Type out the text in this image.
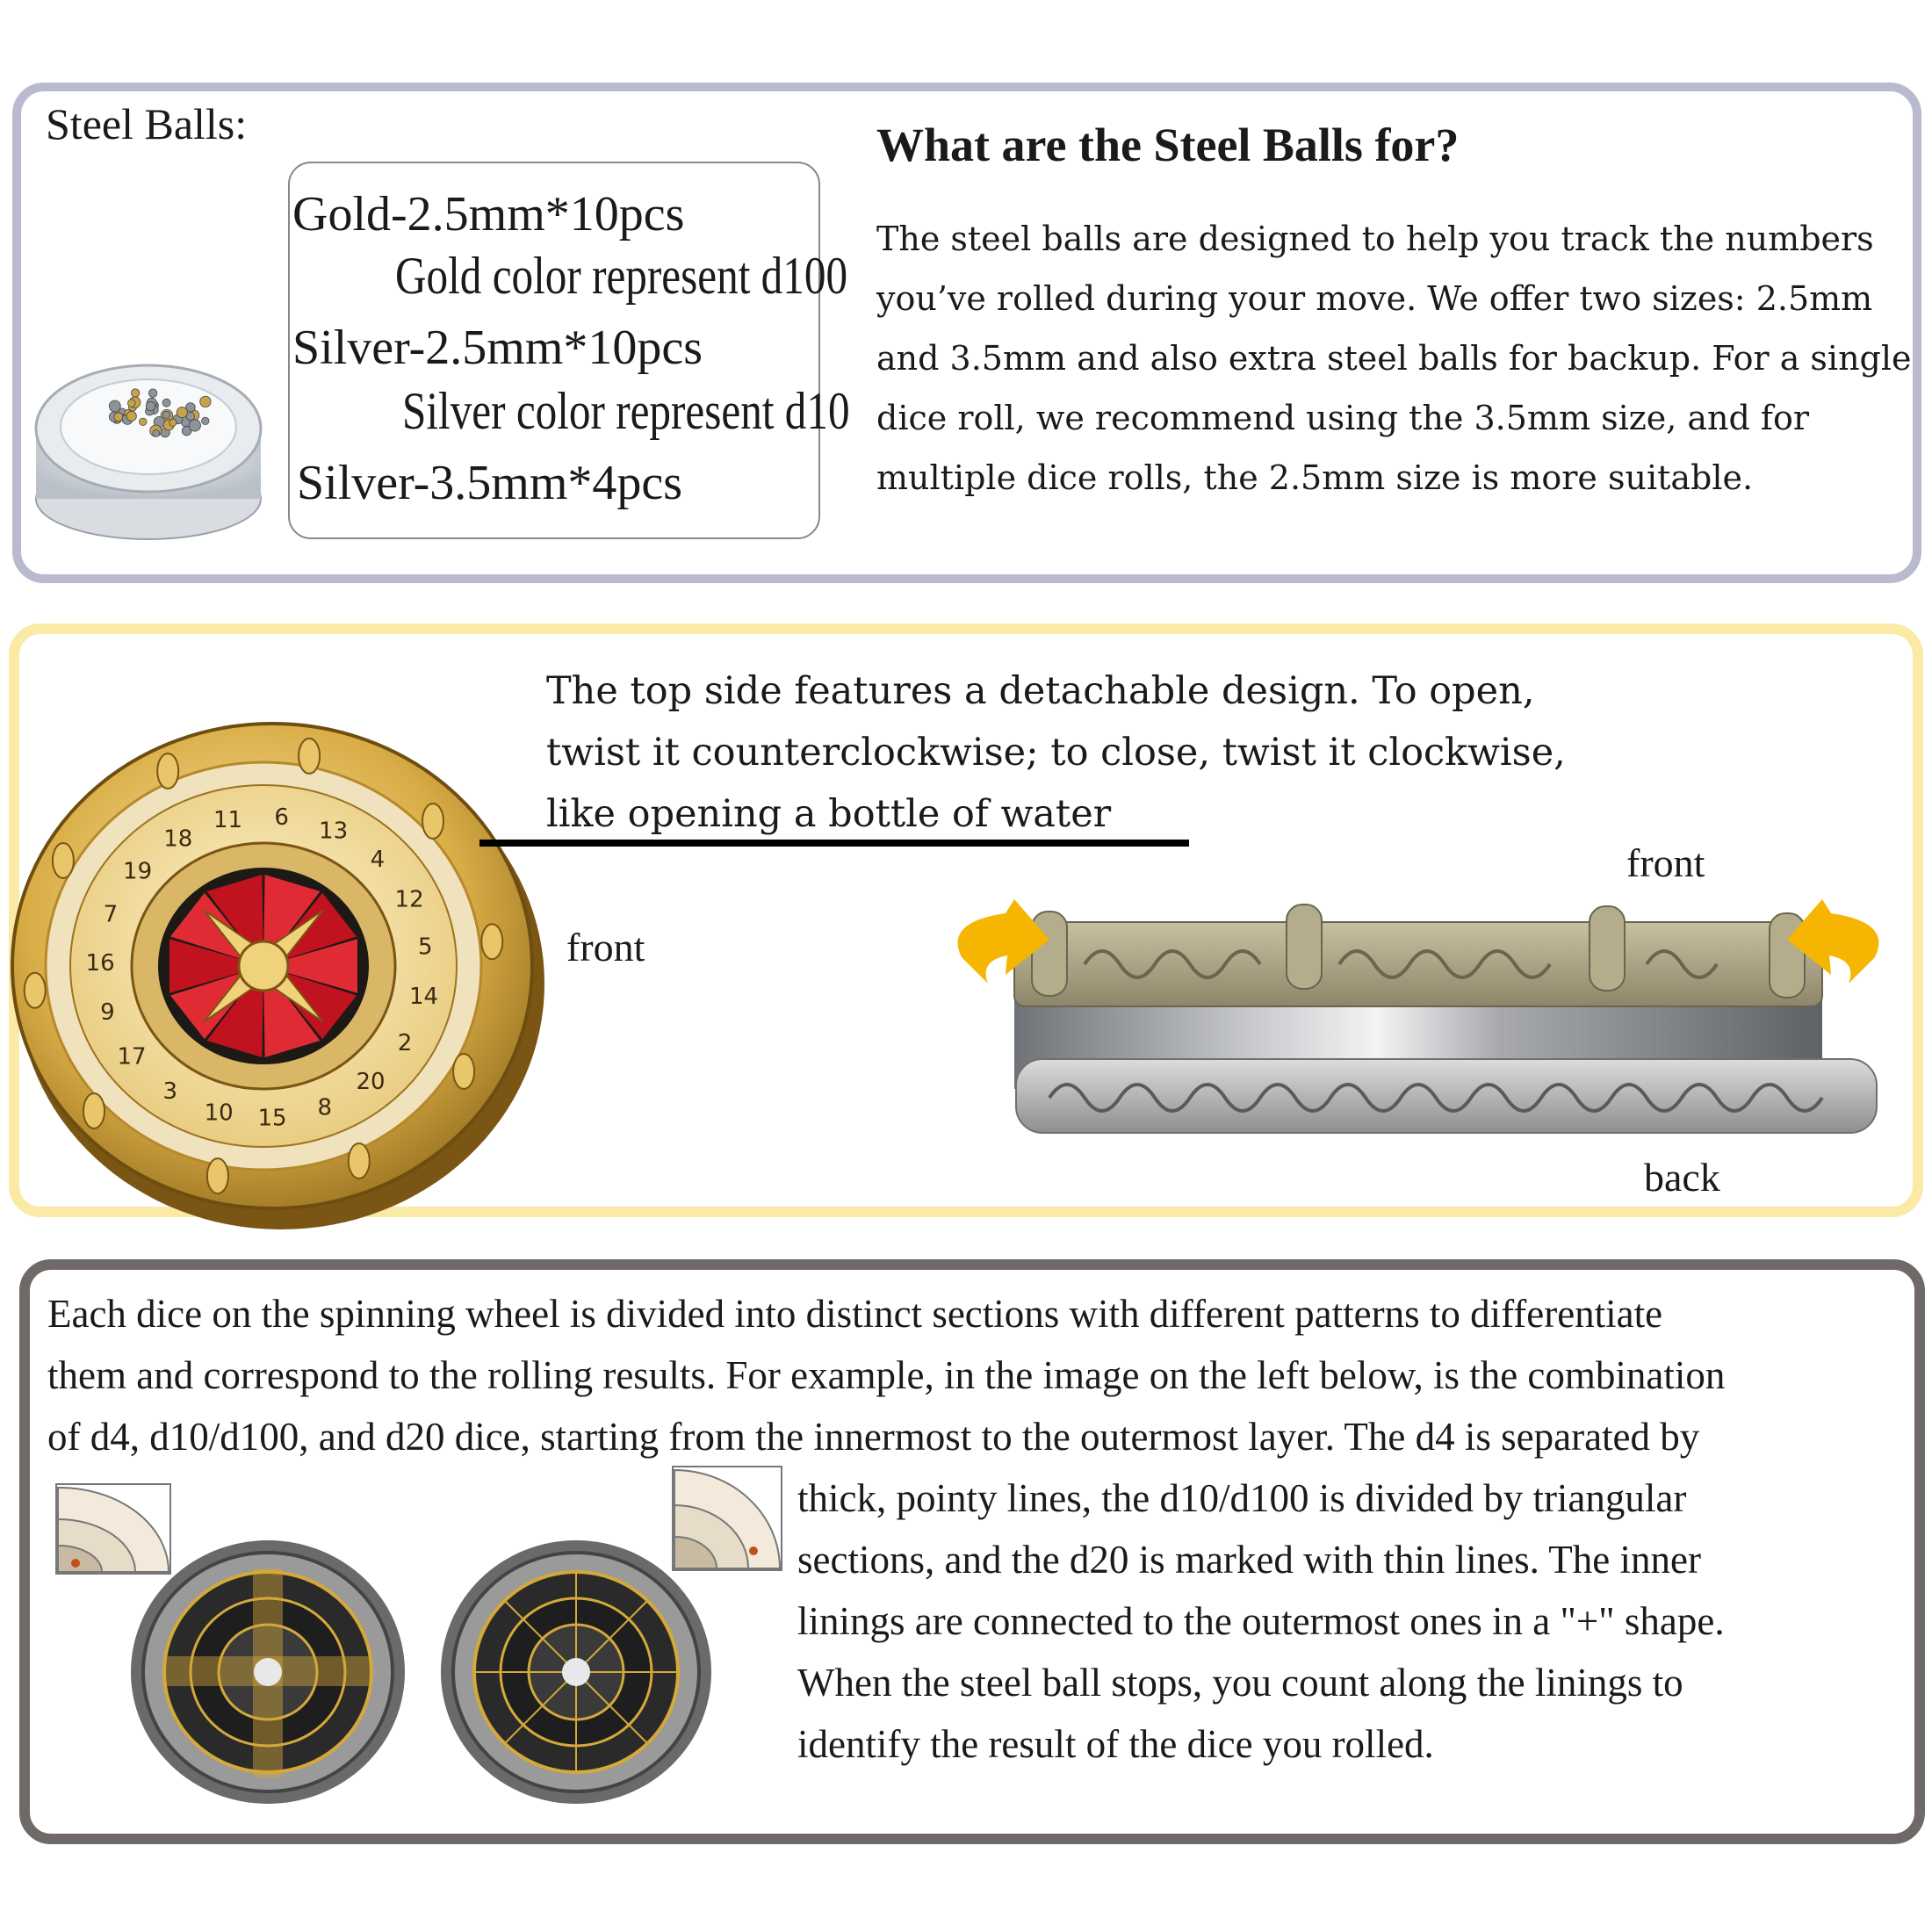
Steel Balls:
Gold-2.5mm*10pcs
Gold color represent d100
Silver-2.5mm*10pcs
Silver color represent d10
Silver-3.5mm*4pcs
What are the Steel Balls for?
The steel balls are designed to help you track the numbers
you’ve rolled during your move. We offer two sizes: 2.5mm
and 3.5mm and also extra steel balls for backup. For a single
dice roll, we recommend using the 3.5mm size, and for
multiple dice rolls, the 2.5mm size is more suitable.
18
11 6
13
4
12
5
14
2
20
8
15
10
3
17
9
16
7
19
The top side features a detachable design. To open,
twist it counterclockwise; to close, twist it clockwise,
like opening a bottle of water
front
front
back
Each dice on the spinning wheel is divided into distinct sections with different patterns to differentiate
them and correspond to the rolling results. For example, in the image on the left below, is the combination
of d4, d10/d100, and d20 dice, starting from the innermost to the outermost layer. The d4 is separated by
thick, pointy lines, the d10/d100 is divided by triangular
sections, and the d20 is marked with thin lines. The inner
linings are connected to the outermost ones in a "+" shape.
When the steel ball stops, you count along the linings to
identify the result of the dice you rolled.
